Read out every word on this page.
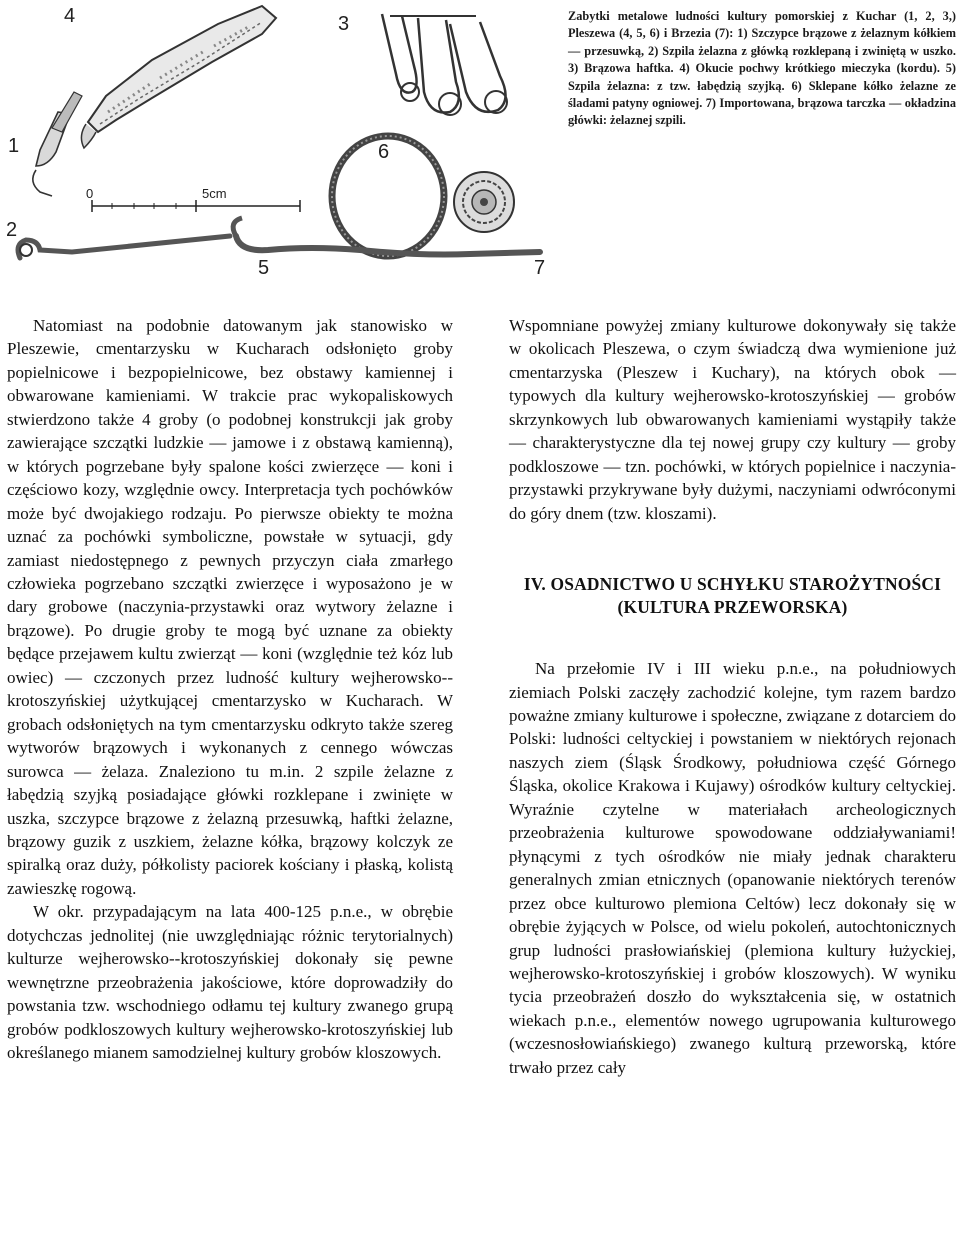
4	3
1	6
2
5	7
0	5cm
Zabytki metalowe ludności kultury pomorskiej z Kuchar (1, 2, 3,) Pleszewa (4, 5, 6) i Brzezia (7): 1) Szczypce brązowe z żelaznym kółkiem — przesuwką, 2) Szpila żelazna z główką rozklepaną i zwiniętą w uszko. 3) Brązowa haftka. 4) Okucie pochwy krótkiego mieczyka (kordu). 5) Szpila żelazna: z tzw. łabędzią szyjką. 6) Sklepane kółko żelazne ze śladami patyny ogniowej. 7) Importowana, brązowa tarczka — okładzina główki: żelaznej szpili.

Natomiast na podobnie datowanym jak stanowisko w Pleszewie, cmentarzysku w Kucharach odsłonięto groby popielnicowe i bezpopielnicowe, bez obstawy kamiennej i obwarowane kamieniami. W trakcie prac wykopaliskowych stwierdzono także 4 groby (o podobnej konstrukcji jak groby zawierające szczątki ludzkie — jamowe i z obstawą kamienną), w których pogrzebane były spalone kości zwierzęce — koni i częściowo kozy, względnie owcy. Interpretacja tych pochówków może być dwojakiego rodzaju. Po pierwsze obiekty te można uznać za pochówki symboliczne, powstałe w sytuacji, gdy zamiast niedostępnego z pewnych przyczyn ciała zmarłego człowieka pogrzebano szczątki zwierzęce i wyposażono je w dary grobowe (naczynia-przystawki oraz wytwory żelazne i brązowe). Po drugie groby te mogą być uznane za obiekty będące przejawem kultu zwierząt — koni (względnie też kóz lub owiec) — czczonych przez ludność kultury wejherowsko--krotoszyńskiej użytkującej cmentarzysko w Kucharach. W grobach odsłoniętych na tym cmentarzysku odkryto także szereg wytworów brązowych i wykonanych z cennego wówczas surowca — żelaza. Znaleziono tu m.in. 2 szpile żelazne z łabędzią szyjką posiadające główki rozklepane i zwinięte w uszka, szczypce brązowe z żelazną przesuwką, haftki żelazne, brązowy guzik z uszkiem, żelazne kółka, brązowy kolczyk ze spiralką oraz duży, półkolisty paciorek kościany i płaską, kolistą zawieszkę rogową.

W okr. przypadającym na lata 400-125 p.n.e., w obrębie dotychczas jednolitej (nie uwzględniając różnic terytorialnych) kulturze wejherowsko--krotoszyńskiej dokonały się pewne wewnętrzne przeobrażenia jakościowe, które doprowadziły do powstania tzw. wschodniego odłamu tej kultury zwanego grupą grobów podkloszowych kultury wejherowsko-krotoszyńskiej lub określanego mianem samodzielnej kultury grobów kloszowych.

Wspomniane powyżej zmiany kulturowe dokonywały się także w okolicach Pleszewa, o czym świadczą dwa wymienione już cmentarzyska (Pleszew i Kuchary), na których obok — typowych dla kultury wejherowsko-krotoszyńskiej — grobów skrzynkowych lub obwarowanych kamieniami wystąpiły także — charakterystyczne dla tej nowej grupy czy kultury — groby podkloszowe — tzn. pochówki, w których popielnice i naczynia-przystawki przykrywane były dużymi, naczyniami odwróconymi do góry dnem (tzw. kloszami).

IV. OSADNICTWO U SCHYŁKU STAROŻYTNOŚCI (KULTURA PRZEWORSKA)

Na przełomie IV i III wieku p.n.e., na południowych ziemiach Polski zaczęły zachodzić kolejne, tym razem bardzo poważne zmiany kulturowe i społeczne, związane z dotarciem do Polski: ludności celtyckiej i powstaniem w niektórych rejonach naszych ziem (Śląsk Środkowy, południowa część Górnego Śląska, okolice Krakowa i Kujawy) ośrodków kultury celtyckiej. Wyraźnie czytelne w materiałach archeologicznych przeobrażenia kulturowe spowodowane oddziaływaniami! płynącymi z tych ośrodków nie miały jednak charakteru generalnych zmian etnicznych (opanowanie niektórych terenów przez obce kulturowo plemiona Celtów) lecz dokonały się w obrębie żyjących w Polsce, od wielu pokoleń, autochtonicznych grup ludności prasłowiańskiej (plemiona kultury łużyckiej, wejherowsko-krotoszyńskiej i grobów kloszowych). W wyniku tycia przeobrażeń doszło do wykształcenia się, w ostatnich wiekach p.n.e., elementów nowego ugrupowania kulturowego (wczesnosłowiańskiego) zwanego kulturą przeworską, które trwało przez cały
